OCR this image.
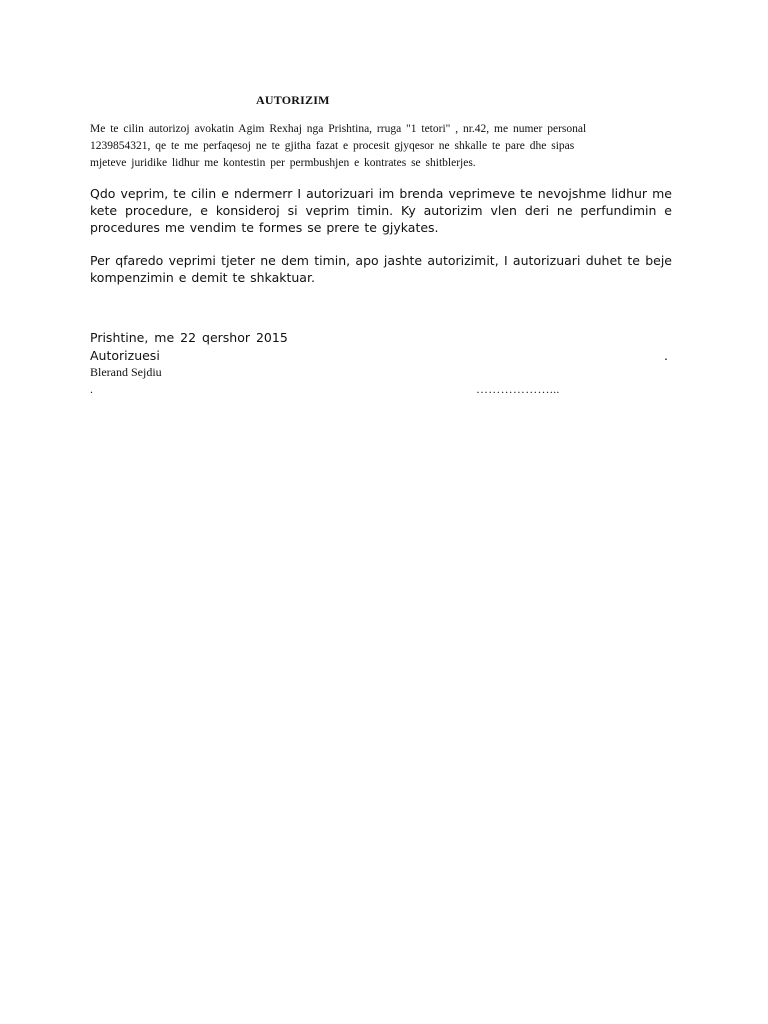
AUTORIZIM
Me te cilin autorizoj avokatin Agim Rexhaj nga Prishtina, rruga "1 tetori" , nr.42, me numer personal
1239854321, qe te me perfaqesoj ne te gjitha fazat e procesit gjyqesor ne shkalle te pare dhe sipas
mjeteve juridike lidhur me kontestin per permbushjen e kontrates se shitblerjes.
Qdo veprim, te cilin e ndermerr I autorizuari im brenda veprimeve te nevojshme lidhur me kete procedure, e konsideroj si veprim timin. Ky autorizim vlen deri ne perfundimin e procedures me vendim te formes se prere te gjykates.
Per qfaredo veprimi tjeter ne dem timin, apo jashte autorizimit, I autorizuari duhet te beje kompenzimin e demit te shkaktuar.
Prishtine, me 22 qershor 2015
Autorizuesi	.
Blerand Sejdiu
.	………………...
